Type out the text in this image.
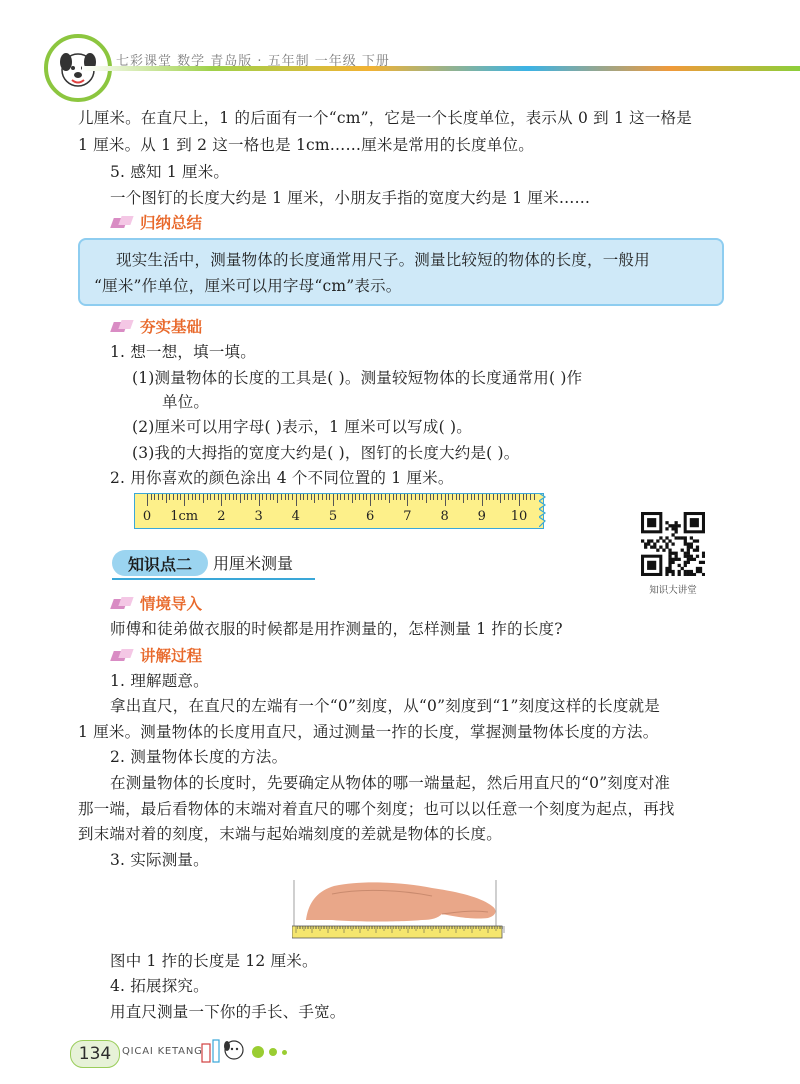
七彩课堂 数学 青岛版 · 五年制 一年级 下册
儿厘米。在直尺上，1 的后面有一个“cm”，它是一个长度单位，表示从 0 到 1 这一格是
1 厘米。从 1 到 2 这一格也是 1cm……厘米是常用的长度单位。
5. 感知 1 厘米。
一个图钉的长度大约是 1 厘米，小朋友手指的宽度大约是 1 厘米……
归纳总结
现实生活中，测量物体的长度通常用尺子。测量比较短的物体的长度，一般用
“厘米”作单位，厘米可以用字母“cm”表示。
夯实基础
1. 想一想，填一填。
(1)测量物体的长度的工具是( )。测量较短物体的长度通常用( )作
单位。
(2)厘米可以用字母( )表示，1 厘米可以写成( )。
(3)我的大拇指的宽度大约是( )，图钉的长度大约是( )。
2. 用你喜欢的颜色涂出 4 个不同位置的 1 厘米。
0 1cm 2 3 4 5 6 7 8 9 10
知识大讲堂
知识点二	用厘米测量
情境导入
师傅和徒弟做衣服的时候都是用拃测量的，怎样测量 1 拃的长度?
讲解过程
1. 理解题意。
拿出直尺，在直尺的左端有一个“0”刻度，从“0”刻度到“1”刻度这样的长度就是
1 厘米。测量物体的长度用直尺，通过测量一拃的长度，掌握测量物体长度的方法。
2. 测量物体长度的方法。
在测量物体的长度时，先要确定从物体的哪一端量起，然后用直尺的“0”刻度对准
那一端，最后看物体的末端对着直尺的哪个刻度；也可以以任意一个刻度为起点，再找
到末端对着的刻度，末端与起始端刻度的差就是物体的长度。
3. 实际测量。
图中 1 拃的长度是 12 厘米。
4. 拓展探究。
用直尺测量一下你的手长、手宽。
134	QICAI KETANG
